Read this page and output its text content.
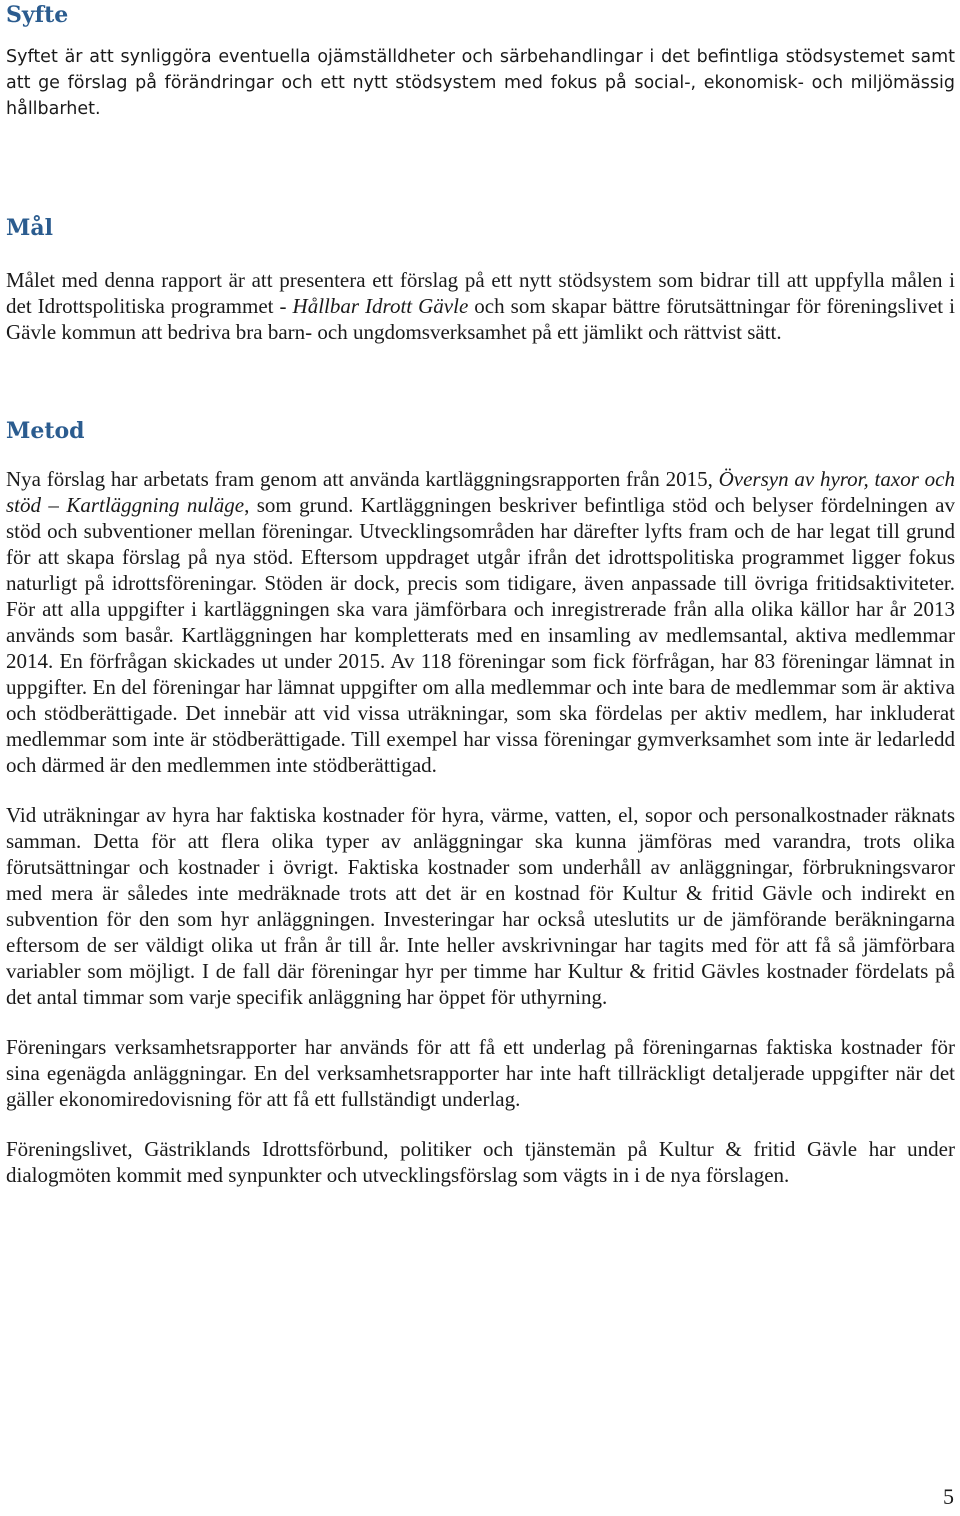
Syfte

Syftet är att synliggöra eventuella ojämställdheter och särbehandlingar i det befintliga stödsystemet samt att ge förslag på förändringar och ett nytt stödsystem med fokus på social-, ekonomisk- och miljömässig hållbarhet.

Mål

Målet med denna rapport är att presentera ett förslag på ett nytt stödsystem som bidrar till att uppfylla målen i det Idrottspolitiska programmet - Hållbar Idrott Gävle och som skapar bättre förutsättningar för föreningslivet i Gävle kommun att bedriva bra barn- och ungdomsverksamhet på ett jämlikt och rättvist sätt.

Metod

Nya förslag har arbetats fram genom att använda kartläggningsrapporten från 2015, Översyn av hyror, taxor och stöd – Kartläggning nuläge, som grund. Kartläggningen beskriver befintliga stöd och belyser fördelningen av stöd och subventioner mellan föreningar. Utvecklingsområden har därefter lyfts fram och de har legat till grund för att skapa förslag på nya stöd. Eftersom uppdraget utgår ifrån det idrottspolitiska programmet ligger fokus naturligt på idrottsföreningar. Stöden är dock, precis som tidigare, även anpassade till övriga fritidsaktiviteter. För att alla uppgifter i kartläggningen ska vara jämförbara och inregistrerade från alla olika källor har år 2013 används som basår. Kartläggningen har kompletterats med en insamling av medlemsantal, aktiva medlemmar 2014. En förfrågan skickades ut under 2015. Av 118 föreningar som fick förfrågan, har 83 föreningar lämnat in uppgifter. En del föreningar har lämnat uppgifter om alla medlemmar och inte bara de medlemmar som är aktiva och stödberättigade. Det innebär att vid vissa uträkningar, som ska fördelas per aktiv medlem, har inkluderat medlemmar som inte är stödberättigade. Till exempel har vissa föreningar gymverksamhet som inte är ledarledd och därmed är den medlemmen inte stödberättigad.

Vid uträkningar av hyra har faktiska kostnader för hyra, värme, vatten, el, sopor och personalkostnader räknats samman. Detta för att flera olika typer av anläggningar ska kunna jämföras med varandra, trots olika förutsättningar och kostnader i övrigt. Faktiska kostnader som underhåll av anläggningar, förbrukningsvaror med mera är således inte medräknade trots att det är en kostnad för Kultur & fritid Gävle och indirekt en subvention för den som hyr anläggningen. Investeringar har också uteslutits ur de jämförande beräkningarna eftersom de ser väldigt olika ut från år till år. Inte heller avskrivningar har tagits med för att få så jämförbara variabler som möjligt. I de fall där föreningar hyr per timme har Kultur & fritid Gävles kostnader fördelats på det antal timmar som varje specifik anläggning har öppet för uthyrning.

Föreningars verksamhetsrapporter har används för att få ett underlag på föreningarnas faktiska kostnader för sina egenägda anläggningar. En del verksamhetsrapporter har inte haft tillräckligt detaljerade uppgifter när det gäller ekonomiredovisning för att få ett fullständigt underlag.

Föreningslivet, Gästriklands Idrottsförbund, politiker och tjänstemän på Kultur & fritid Gävle har under dialogmöten kommit med synpunkter och utvecklingsförslag som vägts in i de nya förslagen.

5
